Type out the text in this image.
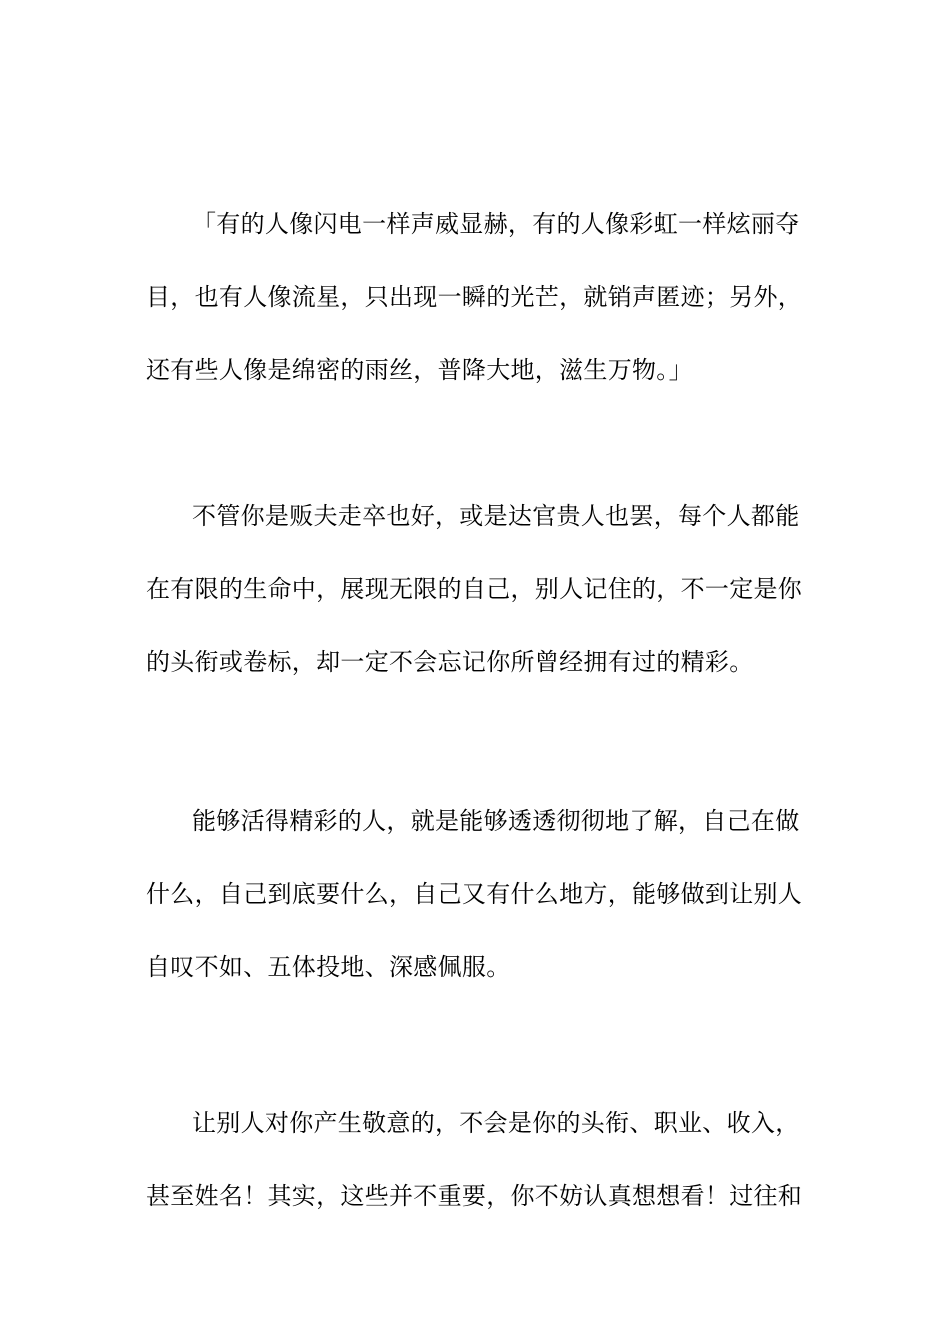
「有的人像闪电一样声威显赫，有的人像彩虹一样炫丽夺
目，也有人像流星，只出现一瞬的光芒，就销声匿迹；另外，
还有些人像是绵密的雨丝，普降大地，滋生万物。」
不管你是贩夫走卒也好，或是达官贵人也罢，每个人都能
在有限的生命中，展现无限的自己，别人记住的，不一定是你
的头衔或卷标，却一定不会忘记你所曾经拥有过的精彩。
能够活得精彩的人，就是能够透透彻彻地了解，自己在做
什么，自己到底要什么，自己又有什么地方，能够做到让别人
自叹不如、五体投地、深感佩服。
让别人对你产生敬意的，不会是你的头衔、职业、收入，
甚至姓名！其实，这些并不重要，你不妨认真想想看！过往和
